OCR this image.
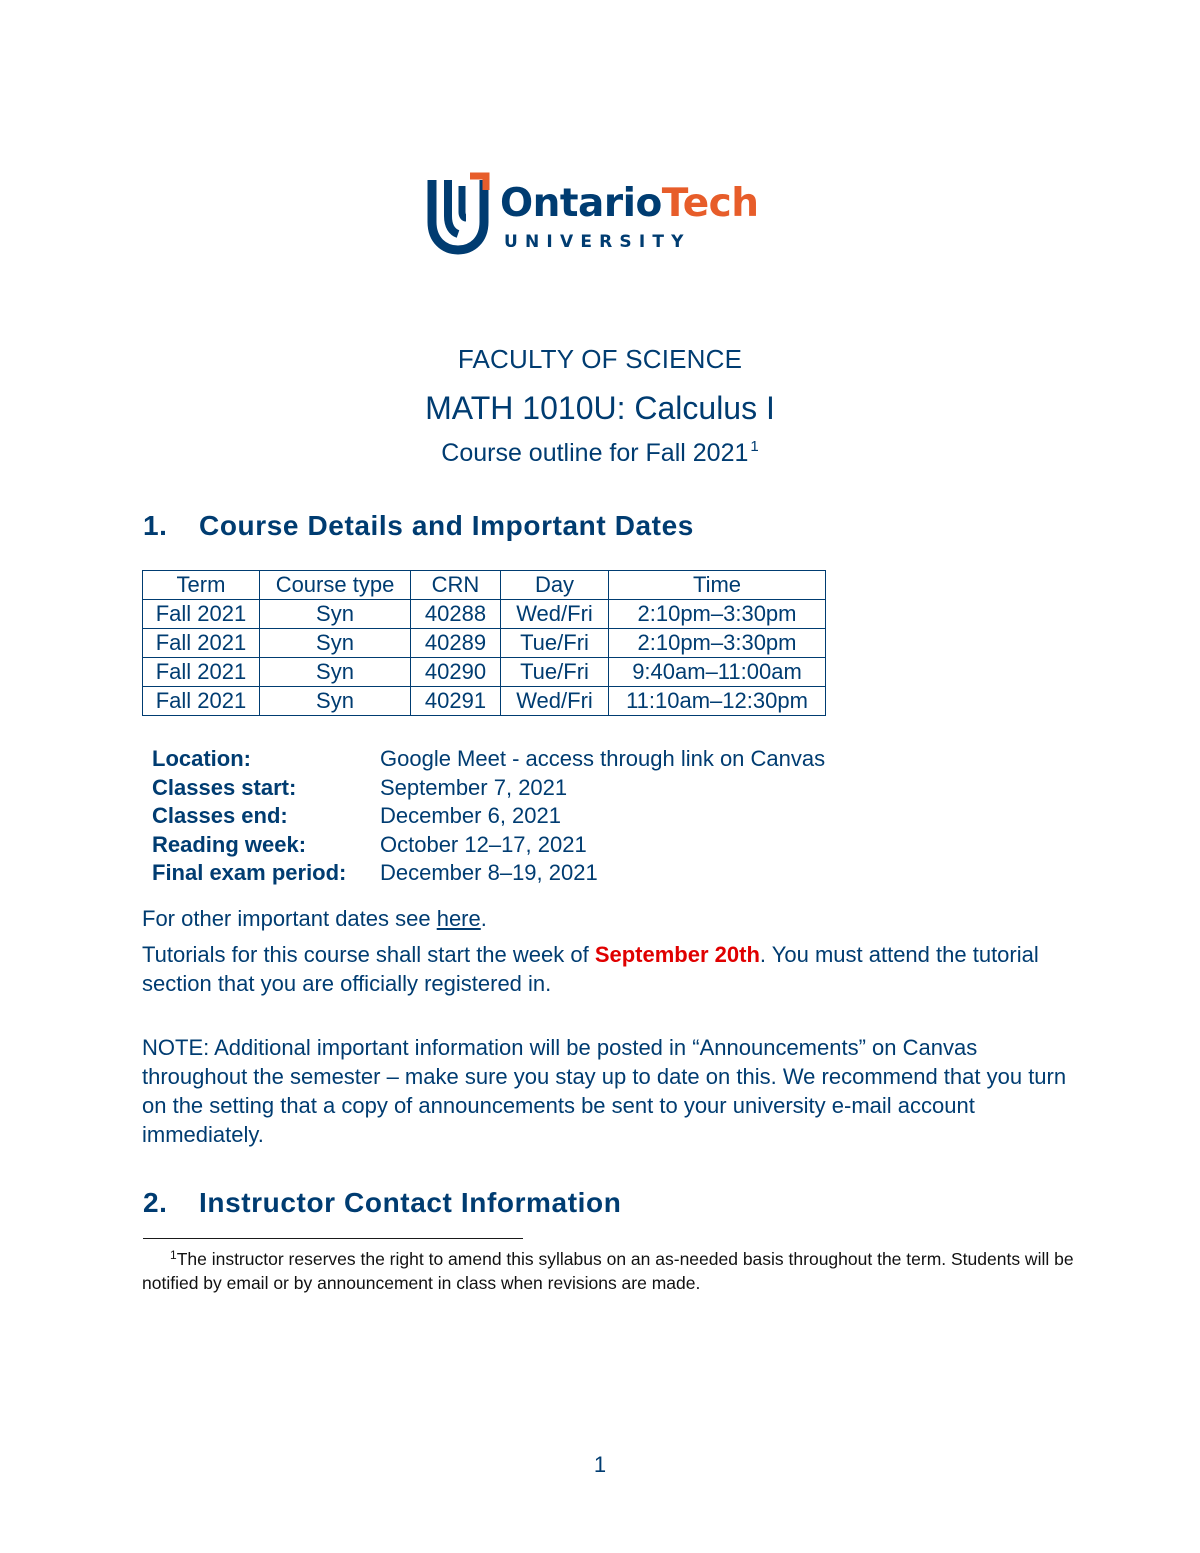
OntarioTech
UNIVERSITY
FACULTY OF SCIENCE
MATH 1010U: Calculus I
Course outline for Fall 2021 $^1$
1. Course Details and Important Dates
Term	Course type	CRN	Day	Time
Fall 2021	Syn	40288	Wed/Fri	2:10pm–3:30pm
Fall 2021	Syn	40289	Tue/Fri	2:10pm–3:30pm
Fall 2021	Syn	40290	Tue/Fri	9:40am–11:00am
Fall 2021	Syn	40291	Wed/Fri	11:10am–12:30pm
Location:	Google Meet - access through link on Canvas
Classes start:	September 7, 2021
Classes end:	December 6, 2021
Reading week:	October 12–17, 2021
Final exam period:	December 8–19, 2021
For other important dates see here.
Tutorials for this course shall start the week of September 20th. You must attend the tutorial section that you are officially registered in.
NOTE: Additional important information will be posted in “Announcements” on Canvas throughout the semester – make sure you stay up to date on this. We recommend that you turn on the setting that a copy of announcements be sent to your university e-mail account immediately.
2. Instructor Contact Information
$^1$The instructor reserves the right to amend this syllabus on an as-needed basis throughout the term. Students will be notified by email or by announcement in class when revisions are made.
1
